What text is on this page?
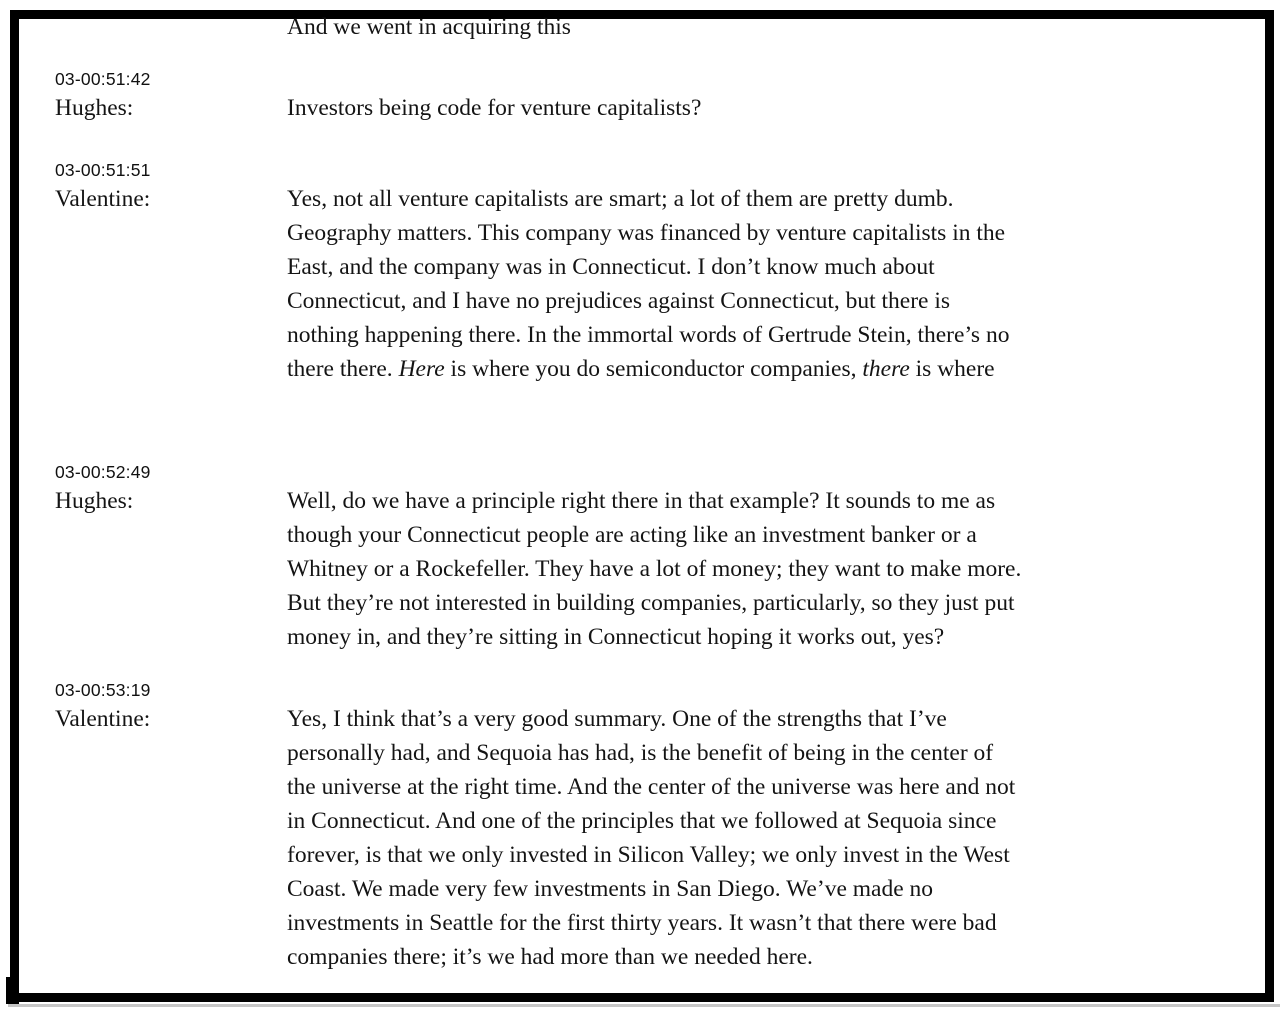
And we went in acquiring this
03-00:51:42
Hughes:	Investors being code for venture capitalists?
03-00:51:51
Valentine:	Yes, not all venture capitalists are smart; a lot of them are pretty dumb.
Geography matters. This company was financed by venture capitalists in the
East, and the company was in Connecticut. I don’t know much about
Connecticut, and I have no prejudices against Connecticut, but there is
nothing happening there. In the immortal words of Gertrude Stein, there’s no
there there. Here is where you do semiconductor companies, there is where
03-00:52:49
Hughes:	Well, do we have a principle right there in that example? It sounds to me as
though your Connecticut people are acting like an investment banker or a
Whitney or a Rockefeller. They have a lot of money; they want to make more.
But they’re not interested in building companies, particularly, so they just put
money in, and they’re sitting in Connecticut hoping it works out, yes?
03-00:53:19
Valentine:	Yes, I think that’s a very good summary. One of the strengths that I’ve
personally had, and Sequoia has had, is the benefit of being in the center of
the universe at the right time. And the center of the universe was here and not
in Connecticut. And one of the principles that we followed at Sequoia since
forever, is that we only invested in Silicon Valley; we only invest in the West
Coast. We made very few investments in San Diego. We’ve made no
investments in Seattle for the first thirty years. It wasn’t that there were bad
companies there; it’s we had more than we needed here.
